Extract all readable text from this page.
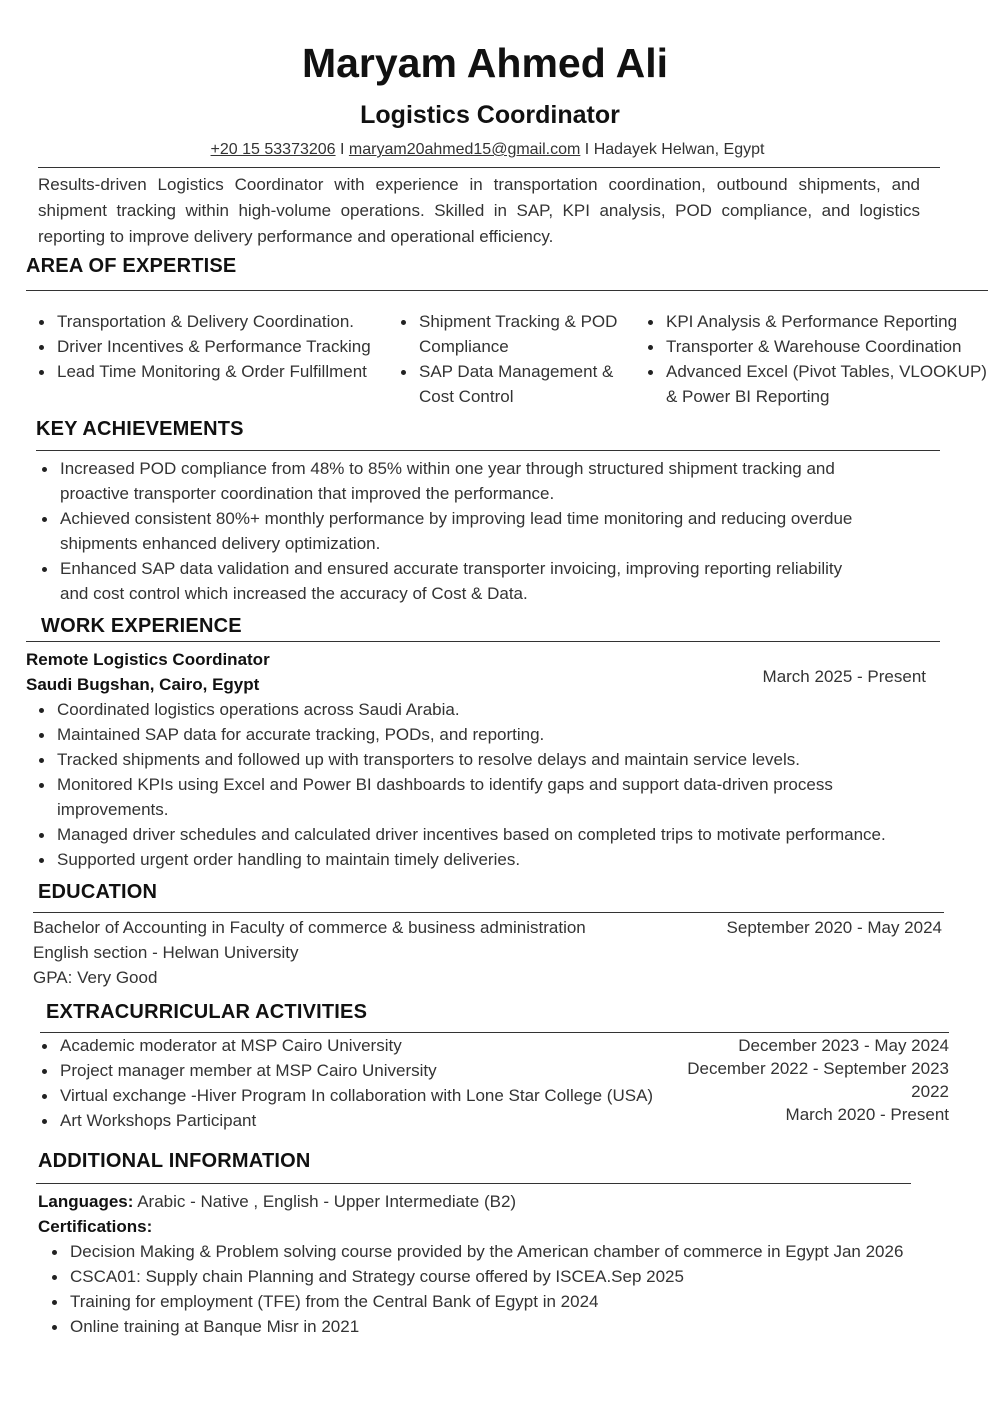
Maryam Ahmed Ali
Logistics Coordinator
+20 15 53373206 I maryam20ahmed15@gmail.com I Hadayek Helwan, Egypt
Results-driven Logistics Coordinator with experience in transportation coordination, outbound shipments, and shipment tracking within high-volume operations. Skilled in SAP, KPI analysis, POD compliance, and logistics reporting to improve delivery performance and operational efficiency.
AREA OF EXPERTISE
Transportation & Delivery Coordination.
Driver Incentives & Performance Tracking
Lead Time Monitoring & Order Fulfillment
Shipment Tracking & POD Compliance
SAP Data Management & Cost Control
KPI Analysis & Performance Reporting
Transporter & Warehouse Coordination
Advanced Excel (Pivot Tables, VLOOKUP) & Power BI Reporting
KEY ACHIEVEMENTS
Increased POD compliance from 48% to 85% within one year through structured shipment tracking and proactive transporter coordination that improved the performance.
Achieved consistent 80%+ monthly performance by improving lead time monitoring and reducing overdue shipments enhanced delivery optimization.
Enhanced SAP data validation and ensured accurate transporter invoicing, improving reporting reliability and cost control which increased the accuracy of Cost & Data.
WORK EXPERIENCE
Remote Logistics Coordinator
Saudi Bugshan, Cairo, Egypt	March 2025 - Present
Coordinated logistics operations across Saudi Arabia.
Maintained SAP data for accurate tracking, PODs, and reporting.
Tracked shipments and followed up with transporters to resolve delays and maintain service levels.
Monitored KPIs using Excel and Power BI dashboards to identify gaps and support data-driven process improvements.
Managed driver schedules and calculated driver incentives based on completed trips to motivate performance.
Supported urgent order handling to maintain timely deliveries.
EDUCATION
Bachelor of Accounting in Faculty of commerce & business administration
English section - Helwan University
GPA: Very Good
September 2020 - May 2024
EXTRACURRICULAR ACTIVITIES
Academic moderator at MSP Cairo University
Project manager member at MSP Cairo University
Virtual exchange -Hiver Program In collaboration with Lone Star College (USA)
Art Workshops Participant
December 2023 - May 2024
December 2022 - September 2023
2022
March 2020 - Present
ADDITIONAL INFORMATION
Languages: Arabic - Native , English - Upper Intermediate (B2)
Certifications:
Decision Making & Problem solving course provided by the American chamber of commerce in Egypt Jan 2026
CSCA01: Supply chain Planning and Strategy course offered by ISCEA.Sep 2025
Training for employment (TFE) from the Central Bank of Egypt in 2024
Online training at Banque Misr in 2021
